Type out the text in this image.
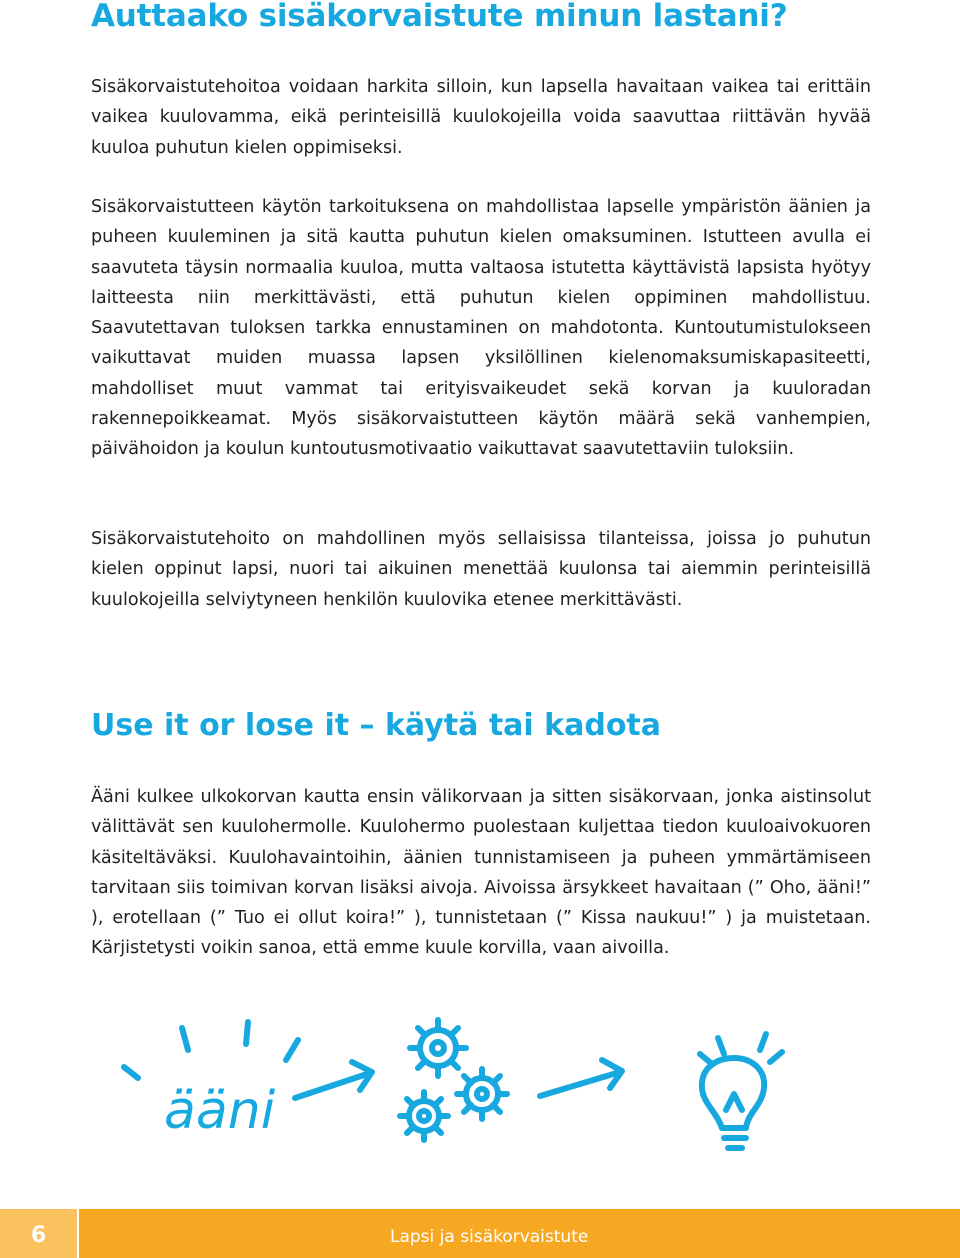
Auttaako sisäkorvaistute minun lastani?

Sisäkorvaistutehoitoa voidaan harkita silloin, kun lapsella havaitaan vaikea tai erittäin vaikea kuulovamma, eikä perinteisillä kuulokojeilla voida saavuttaa riittävän hyvää kuuloa puhutun kielen oppimiseksi.

Sisäkorvaistutteen käytön tarkoituksena on mahdollistaa lapselle ympäristön äänien ja puheen kuuleminen ja sitä kautta puhutun kielen omaksuminen. Istutteen avulla ei saavuteta täysin normaalia kuuloa, mutta valtaosa istutetta käyttävistä lapsista hyötyy laitteesta niin merkittävästi, että puhutun kielen oppiminen mahdollistuu. Saavutettavan tuloksen tarkka ennustaminen on mahdotonta. Kuntoutumistulokseen vaikuttavat muiden muassa lapsen yksilöllinen kielenomaksumiskapasiteetti, mahdolliset muut vammat tai erityisvaikeudet sekä korvan ja kuuloradan rakennepoikkeamat. Myös sisäkorvaistutteen käytön määrä sekä vanhempien, päivähoidon ja koulun kuntoutusmotivaatio vaikuttavat saavutettaviin tuloksiin.

Sisäkorvaistutehoito on mahdollinen myös sellaisissa tilanteissa, joissa jo puhutun kielen oppinut lapsi, nuori tai aikuinen menettää kuulonsa tai aiemmin perinteisillä kuulokojeilla selviytyneen henkilön kuulovika etenee merkittävästi.

Use it or lose it – käytä tai kadota

Ääni kulkee ulkokorvan kautta ensin välikorvaan ja sitten sisäkorvaan, jonka aistinsolut välittävät sen kuulohermolle. Kuulohermo puolestaan kuljettaa tiedon kuuloaivokuoren käsiteltäväksi. Kuulohavaintoihin, äänien tunnistamiseen ja puheen ymmärtämiseen tarvitaan siis toimivan korvan lisäksi aivoja. Aivoissa ärsykkeet havaitaan (” Oho, ääni!” ), erotellaan (” Tuo ei ollut koira!” ), tunnistetaan (” Kissa naukuu!” ) ja muistetaan. Kärjistetysti voikin sanoa, että emme kuule korvilla, vaan aivoilla.

ääni
6	Lapsi ja sisäkorvaistute
